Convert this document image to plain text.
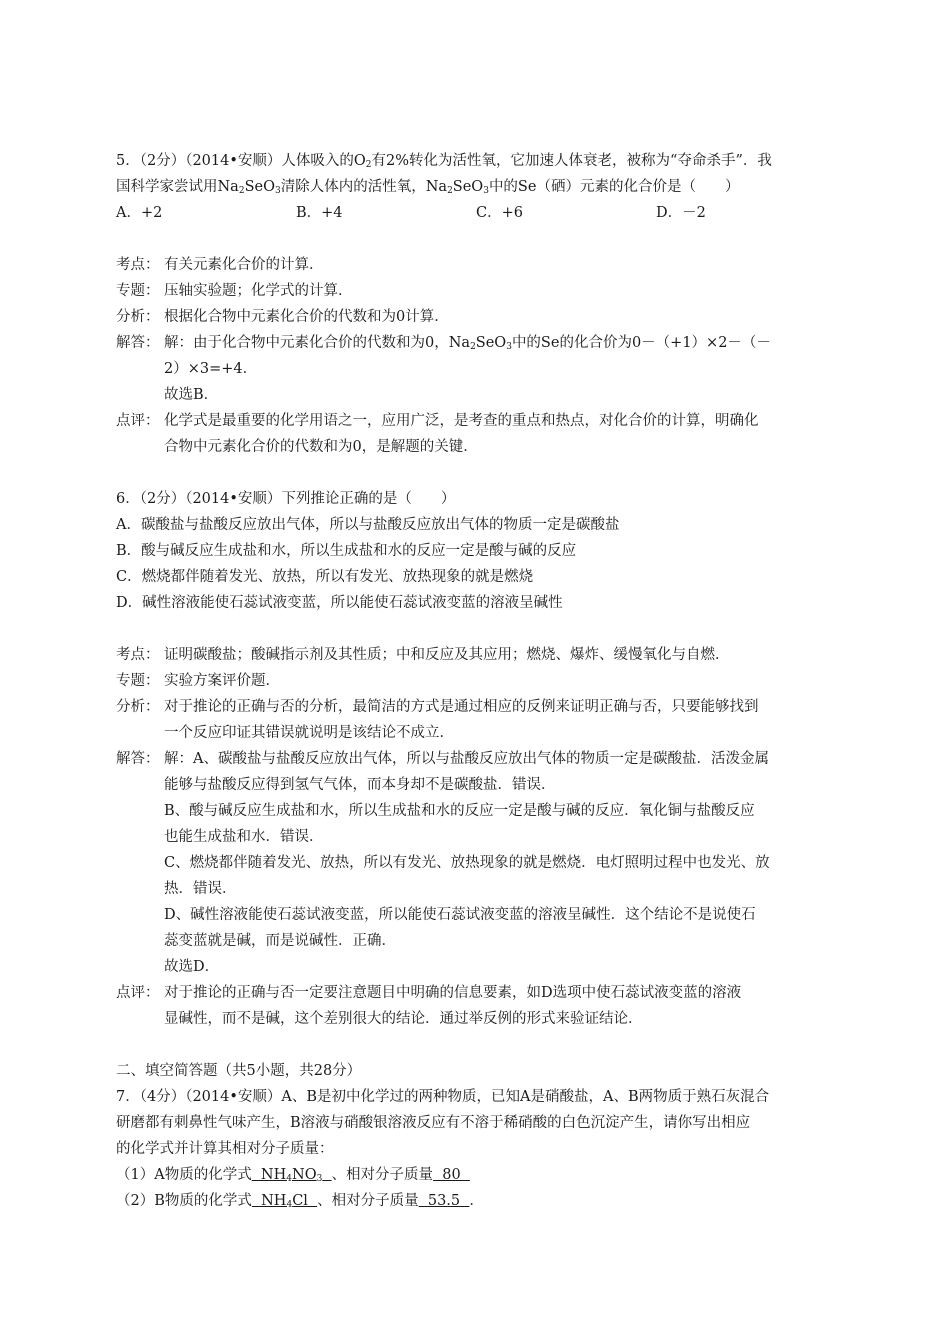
5．（2分）（2014•安顺）人体吸入的$O_2$有2%转化为活性氧，它加速人体衰老，被称为“夺命杀手”．我
国科学家尝试用$Na_2SeO_3$清除人体内的活性氧，$Na_2SeO_3$中的Se（硒）元素的化合价是（　　）
A．+2	B．+4	C．+6	D．－2
考点： 有关元素化合价的计算．
专题： 压轴实验题；化学式的计算．
分析： 根据化合物中元素化合价的代数和为0计算．
解答： 解：由于化合物中元素化合价的代数和为0，$Na_2SeO_3$中的Se的化合价为0－（+1）×2－（－
2）×3=+4．
故选B．
点评： 化学式是最重要的化学用语之一，应用广泛，是考查的重点和热点，对化合价的计算，明确化
合物中元素化合价的代数和为0，是解题的关键．
6．（2分）（2014•安顺）下列推论正确的是（　　）
A．碳酸盐与盐酸反应放出气体，所以与盐酸反应放出气体的物质一定是碳酸盐
B．酸与碱反应生成盐和水，所以生成盐和水的反应一定是酸与碱的反应
C．燃烧都伴随着发光、放热，所以有发光、放热现象的就是燃烧
D．碱性溶液能使石蕊试液变蓝，所以能使石蕊试液变蓝的溶液呈碱性
考点： 证明碳酸盐；酸碱指示剂及其性质；中和反应及其应用；燃烧、爆炸、缓慢氧化与自燃．
专题： 实验方案评价题．
分析： 对于推论的正确与否的分析，最简洁的方式是通过相应的反例来证明正确与否，只要能够找到
一个反应印证其错误就说明是该结论不成立．
解答： 解：A、碳酸盐与盐酸反应放出气体，所以与盐酸反应放出气体的物质一定是碳酸盐．活泼金属
能够与盐酸反应得到氢气气体，而本身却不是碳酸盐．错误．
B、酸与碱反应生成盐和水，所以生成盐和水的反应一定是酸与碱的反应．氧化铜与盐酸反应
也能生成盐和水．错误．
C、燃烧都伴随着发光、放热，所以有发光、放热现象的就是燃烧．电灯照明过程中也发光、放
热．错误．
D、碱性溶液能使石蕊试液变蓝，所以能使石蕊试液变蓝的溶液呈碱性．这个结论不是说使石
蕊变蓝就是碱，而是说碱性．正确．
故选D．
点评： 对于推论的正确与否一定要注意题目中明确的信息要素，如D选项中使石蕊试液变蓝的溶液
显碱性，而不是碱，这个差别很大的结论．通过举反例的形式来验证结论．
二、填空简答题（共5小题，共28分）
7．（4分）（2014•安顺）A、B是初中化学过的两种物质，已知A是硝酸盐，A、B两物质于熟石灰混合
研磨都有刺鼻性气味产生，B溶液与硝酸银溶液反应有不溶于稀硝酸的白色沉淀产生，请你写出相应
的化学式并计算其相对分子质量：
（1）A物质的化学式  $NH_4NO_3$ 、相对分子质量  80
（2）B物质的化学式  $NH_4Cl$  、相对分子质量  53.5  ．
